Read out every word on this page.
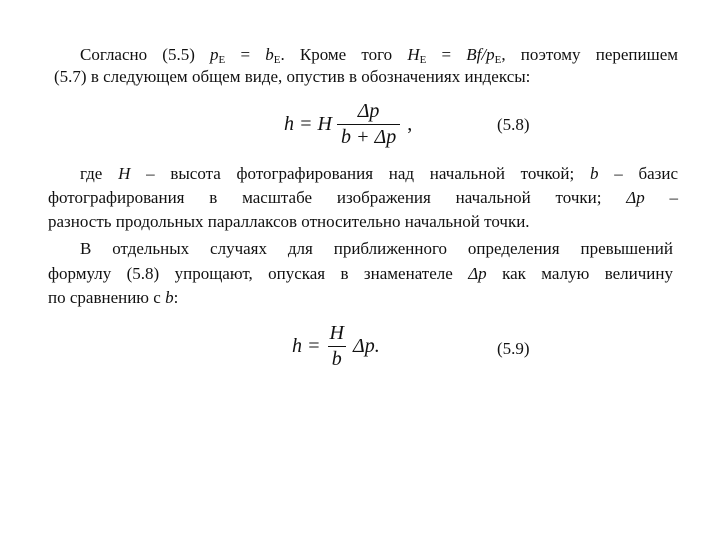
Согласно (5.5) $p_E = b_E$. Кроме того $H_E = Bf/p_E$, поэтому перепишем
(5.7) в следующем общем виде, опустив в обозначениях индексы:
h = H $\frac{\Delta p}{b + \Delta p}$ ,	(5.8)
где H – высота фотографирования над начальной точкой; b – базис
фотографирования в масштабе изображения начальной точки; Δp –
разность продольных параллаксов относительно начальной точки.
В отдельных случаях для приближенного определения превышений
формулу (5.8) упрощают, опуская в знаменателе Δp как малую величину
по сравнению с b:
$h = \frac{H}{b} \Delta p$.	(5.9)
